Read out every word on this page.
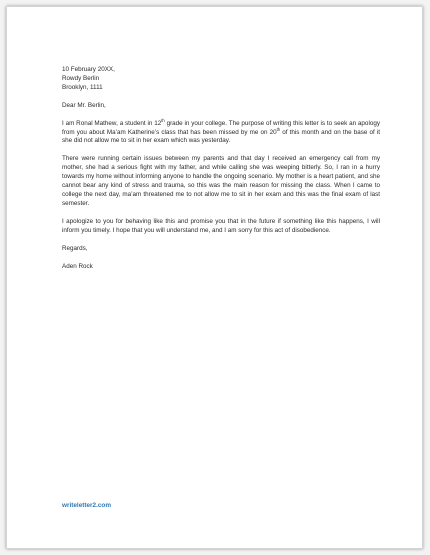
10 February 20XX,
Rowdy Berlin
Brooklyn, 1111

Dear Mr. Berlin,

I am Ronal Mathew, a student in 12th grade in your college. The purpose of writing this letter is to seek an apology from you about Ma’am Katherine’s class that has been missed by me on 20th of this month and on the base of it she did not allow me to sit in her exam which was yesterday.

There were running certain issues between my parents and that day I received an emergency call from my mother, she had a serious fight with my father, and while calling she was weeping bitterly. So, I ran in a hurry towards my home without informing anyone to handle the ongoing scenario. My mother is a heart patient, and she cannot bear any kind of stress and trauma, so this was the main reason for missing the class. When I came to college the next day, ma’am threatened me to not allow me to sit in her exam and this was the final exam of last semester.

I apologize to you for behaving like this and promise you that in the future if something like this happens, I will inform you timely. I hope that you will understand me, and I am sorry for this act of disobedience.

Regards,

Aden Rock

writeletter2.com
